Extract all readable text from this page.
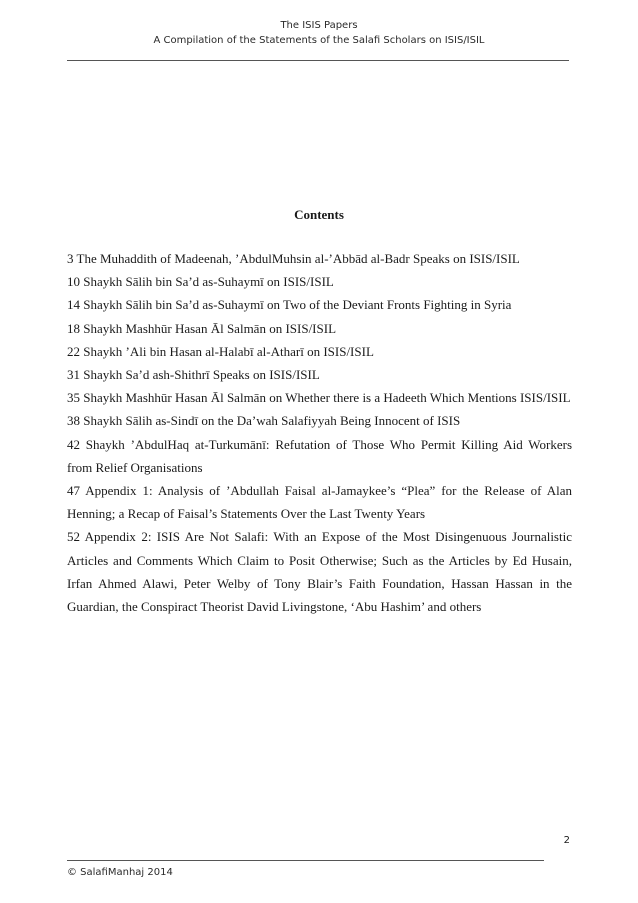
The ISIS Papers
A Compilation of the Statements of the Salafi Scholars on ISIS/ISIL
Contents
3 The Muhaddith of Madeenah, ’AbdulMuhsin al-’Abbād al-Badr Speaks on ISIS/ISIL
10 Shaykh Sālih bin Sa’d as-Suhaymī on ISIS/ISIL
14 Shaykh Sālih bin Sa’d as-Suhaymī on Two of the Deviant Fronts Fighting in Syria
18 Shaykh Mashhūr Hasan Āl Salmān on ISIS/ISIL
22 Shaykh ’Ali bin Hasan al-Halabī al-Atharī on ISIS/ISIL
31 Shaykh Sa’d ash-Shithrī Speaks on ISIS/ISIL
35 Shaykh Mashhūr Hasan Āl Salmān on Whether there is a Hadeeth Which Mentions ISIS/ISIL
38 Shaykh Sālih as-Sindī on the Da’wah Salafiyyah Being Innocent of ISIS
42 Shaykh ’AbdulHaq at-Turkumānī: Refutation of Those Who Permit Killing Aid Workers from Relief Organisations
47 Appendix 1: Analysis of ’Abdullah Faisal al-Jamaykee’s “Plea” for the Release of Alan Henning; a Recap of Faisal’s Statements Over the Last Twenty Years
52 Appendix 2: ISIS Are Not Salafi: With an Expose of the Most Disingenuous Journalistic Articles and Comments Which Claim to Posit Otherwise; Such as the Articles by Ed Husain, Irfan Ahmed Alawi, Peter Welby of Tony Blair’s Faith Foundation, Hassan Hassan in the Guardian, the Conspiract Theorist David Livingstone, ‘Abu Hashim’ and others
2
© SalafiManhaj 2014
